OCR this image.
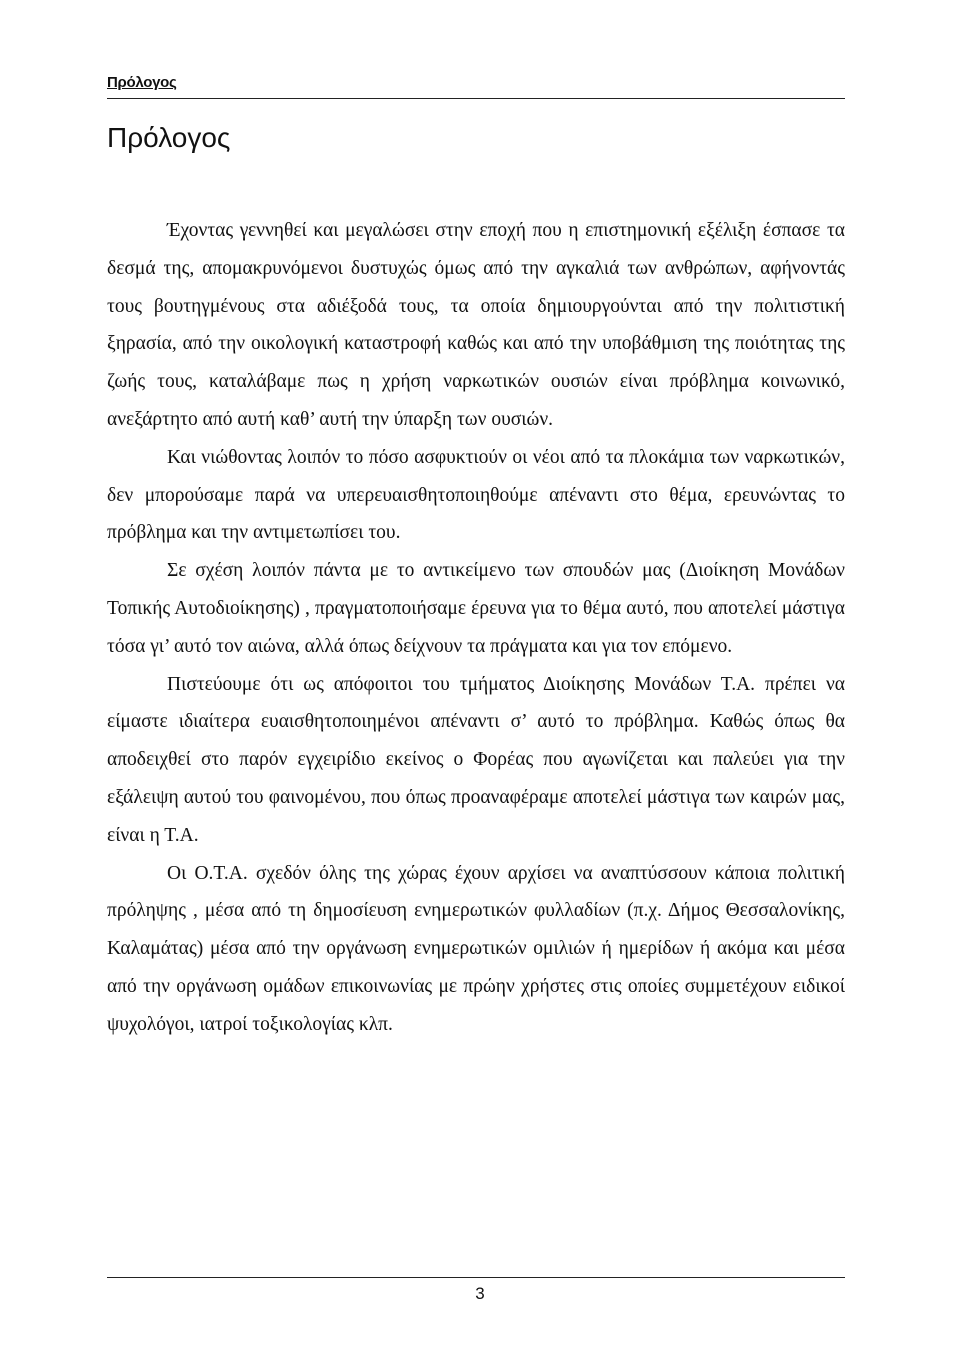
Πρόλογος
Πρόλογος

Έχοντας γεννηθεί και μεγαλώσει στην εποχή που η επιστημονική εξέλιξη έσπασε τα δεσμά της, απομακρυνόμενοι δυστυχώς όμως από την αγκαλιά των ανθρώπων, αφήνοντάς τους βουτηγμένους στα αδιέξοδά τους, τα οποία δημιουργούνται από την πολιτιστική ξηρασία, από την οικολογική καταστροφή καθώς και από την υποβάθμιση της ποιότητας της ζωής τους, καταλάβαμε πως η χρήση ναρκωτικών ουσιών είναι πρόβλημα κοινωνικό, ανεξάρτητο από αυτή καθ’ αυτή την ύπαρξη των ουσιών.

Και νιώθοντας λοιπόν το πόσο ασφυκτιούν οι νέοι από τα πλοκάμια των ναρκωτικών, δεν μπορούσαμε παρά να υπερευαισθητοποιηθούμε απέναντι στο θέμα, ερευνώντας το πρόβλημα και την αντιμετωπίσει του.

Σε σχέση λοιπόν πάντα με το αντικείμενο των σπουδών μας (Διοίκηση Μονάδων Τοπικής Αυτοδιοίκησης) , πραγματοποιήσαμε έρευνα για το θέμα αυτό, που αποτελεί μάστιγα τόσα γι’ αυτό τον αιώνα, αλλά όπως δείχνουν τα πράγματα και για τον επόμενο.

Πιστεύουμε ότι ως απόφοιτοι του τμήματος Διοίκησης Μονάδων Τ.Α. πρέπει να είμαστε ιδιαίτερα ευαισθητοποιημένοι απέναντι σ’ αυτό το πρόβλημα. Καθώς όπως θα αποδειχθεί στο παρόν εγχειρίδιο εκείνος ο Φορέας που αγωνίζεται και παλεύει για την εξάλειψη αυτού του φαινομένου, που όπως προαναφέραμε αποτελεί μάστιγα των καιρών μας, είναι η Τ.Α.

Οι Ο.Τ.Α. σχεδόν όλης της χώρας έχουν αρχίσει να αναπτύσσουν κάποια πολιτική πρόληψης , μέσα από τη δημοσίευση ενημερωτικών φυλλαδίων (π.χ. Δήμος Θεσσαλονίκης, Καλαμάτας) μέσα από την οργάνωση ενημερωτικών ομιλιών ή ημερίδων ή ακόμα και μέσα από την οργάνωση ομάδων επικοινωνίας με πρώην χρήστες στις οποίες συμμετέχουν ειδικοί ψυχολόγοι, ιατροί τοξικολογίας κλπ.

3
